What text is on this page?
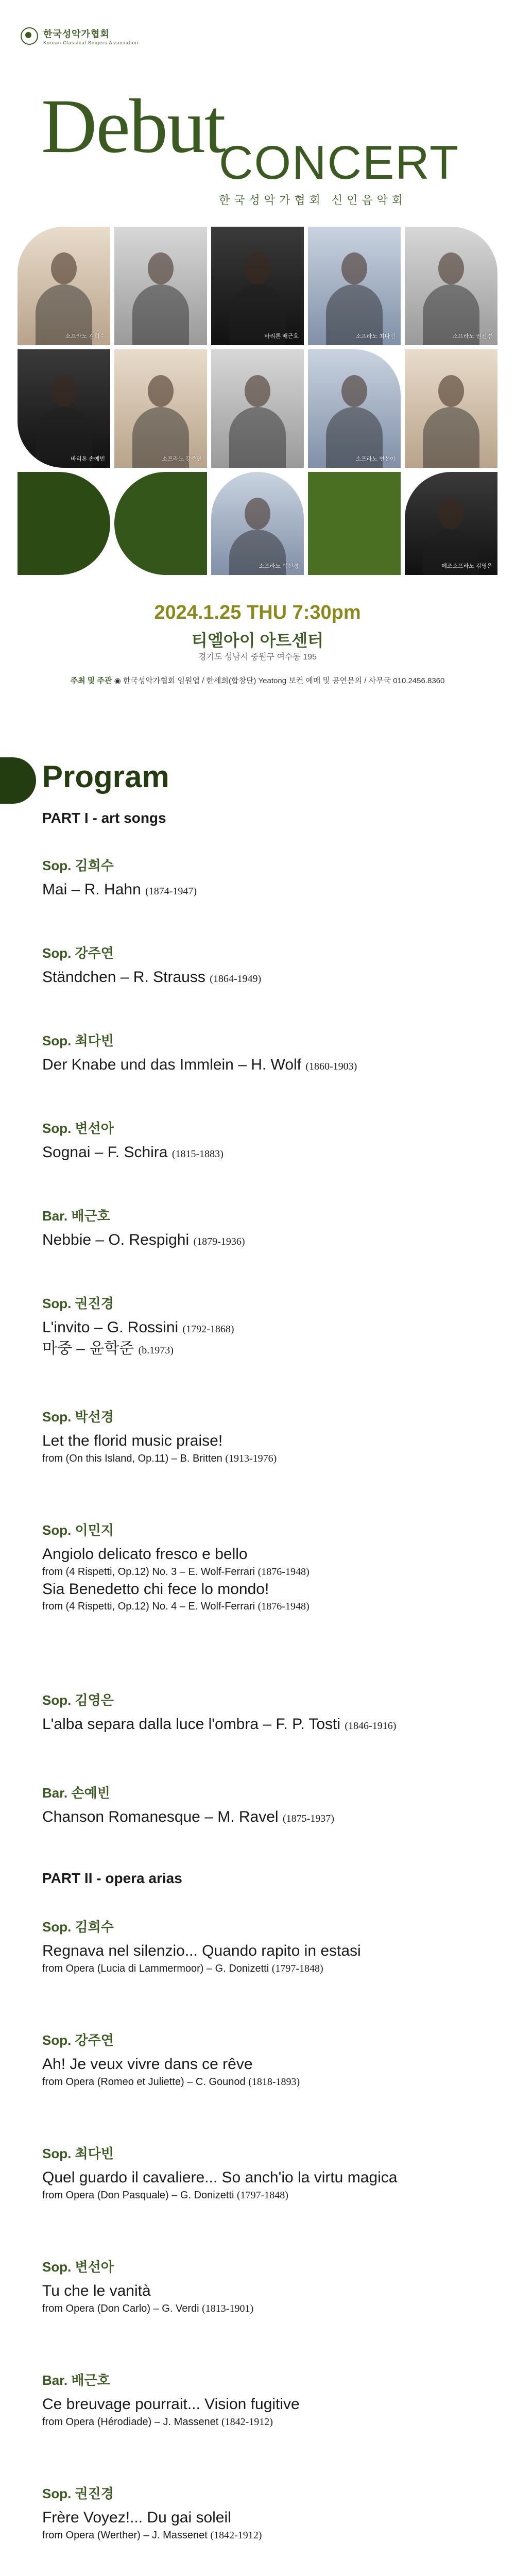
한국성악가협회
Korean Classical Singers Association
Debut
CONCERT
한국성악가협회 신인음악회
소프라노 김희수	바리톤 배근호	소프라노 최다빈	소프라노 권진경
바리톤 손예빈	소프라노 강주연	소프라노 변선아
소프라노 박선경	메조소프라노 김영은
2024.1.25 THU 7:30pm
티엘아이 아트센터
경기도 성남시 중원구 여수동 195
주최 및 주관 ◉ 한국성악가협회 임원엽 / 한세희(합창단) Yeatong 보컨 예매 및 공연문의 / 사무국 010.2456.8360
Program
PART I - art songs
Sop. 김희수
Mai – R. Hahn (1874-1947)
Sop. 강주연
Ständchen – R. Strauss (1864-1949)
Sop. 최다빈
Der Knabe und das Immlein – H. Wolf (1860-1903)
Sop. 변선아
Sognai – F. Schira (1815-1883)
Bar. 배근호
Nebbie – O. Respighi (1879-1936)
Sop. 권진경
L'invito – G. Rossini (1792-1868)
마중 – 윤학준 (b.1973)
Sop. 박선경
Let the florid music praise!
from (On this Island, Op.11) – B. Britten (1913-1976)
Sop. 이민지
Angiolo delicato fresco e bello
from (4 Rispetti, Op.12) No. 3 – E. Wolf-Ferrari (1876-1948)
Sia Benedetto chi fece lo mondo!
from (4 Rispetti, Op.12) No. 4 – E. Wolf-Ferrari (1876-1948)
Sop. 김영은
L'alba separa dalla luce l'ombra – F. P. Tosti (1846-1916)
Bar. 손예빈
Chanson Romanesque – M. Ravel (1875-1937)
PART II - opera arias
Sop. 김희수
Regnava nel silenzio... Quando rapito in estasi
from Opera (Lucia di Lammermoor) – G. Donizetti (1797-1848)
Sop. 강주연
Ah! Je veux vivre dans ce rêve
from Opera (Romeo et Juliette) – C. Gounod (1818-1893)
Sop. 최다빈
Quel guardo il cavaliere... So anch'io la virtu magica
from Opera (Don Pasquale) – G. Donizetti (1797-1848)
Sop. 변선아
Tu che le vanità
from Opera (Don Carlo) – G. Verdi (1813-1901)
Bar. 배근호
Ce breuvage pourrait... Vision fugitive
from Opera (Hérodiade) – J. Massenet (1842-1912)
Sop. 권진경
Frère Voyez!... Du gai soleil
from Opera (Werther) – J. Massenet (1842-1912)
